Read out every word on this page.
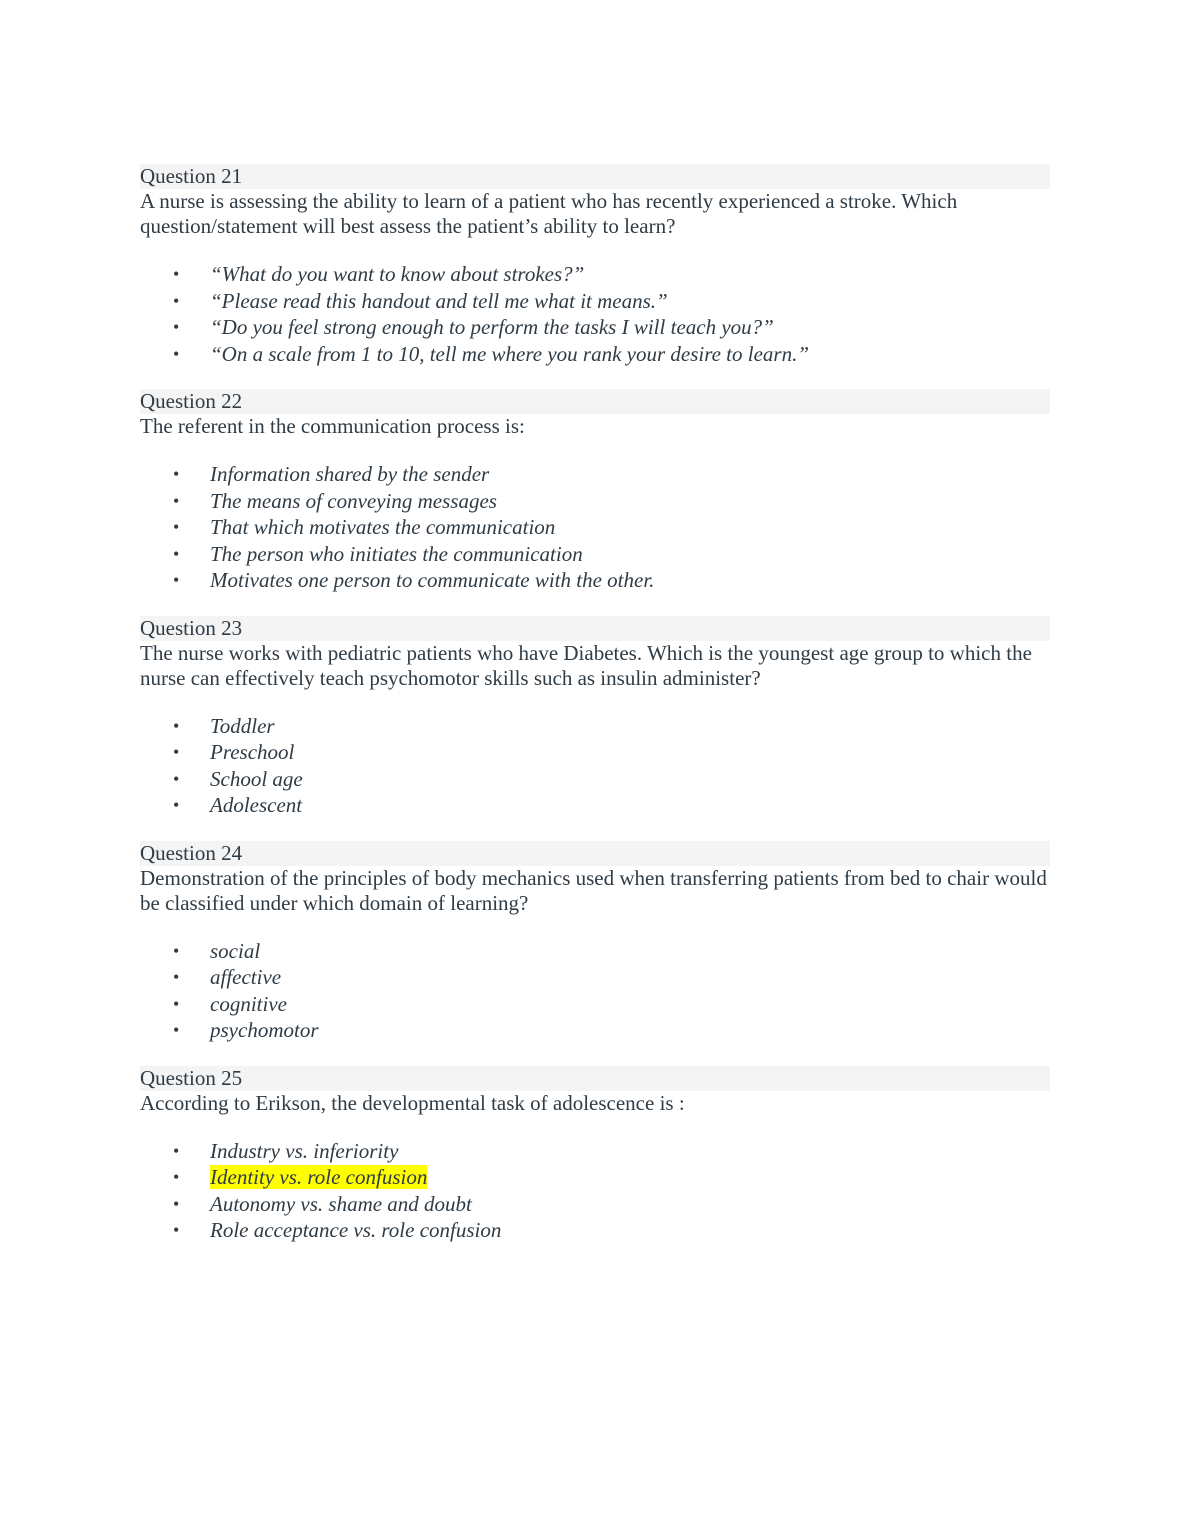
Question 21
A nurse is assessing the ability to learn of a patient who has recently experienced a stroke. Which question/statement will best assess the patient’s ability to learn?
• “What do you want to know about strokes?”
• “Please read this handout and tell me what it means.”
• “Do you feel strong enough to perform the tasks I will teach you?”
• “On a scale from 1 to 10, tell me where you rank your desire to learn.”
Question 22
The referent in the communication process is:
• Information shared by the sender
• The means of conveying messages
• That which motivates the communication
• The person who initiates the communication
• Motivates one person to communicate with the other.
Question 23
The nurse works with pediatric patients who have Diabetes. Which is the youngest age group to which the nurse can effectively teach psychomotor skills such as insulin administer?
• Toddler
• Preschool
• School age
• Adolescent
Question 24
Demonstration of the principles of body mechanics used when transferring patients from bed to chair would be classified under which domain of learning?
• social
• affective
• cognitive
• psychomotor
Question 25
According to Erikson, the developmental task of adolescence is :
• Industry vs. inferiority
• Identity vs. role confusion
• Autonomy vs. shame and doubt
• Role acceptance vs. role confusion
